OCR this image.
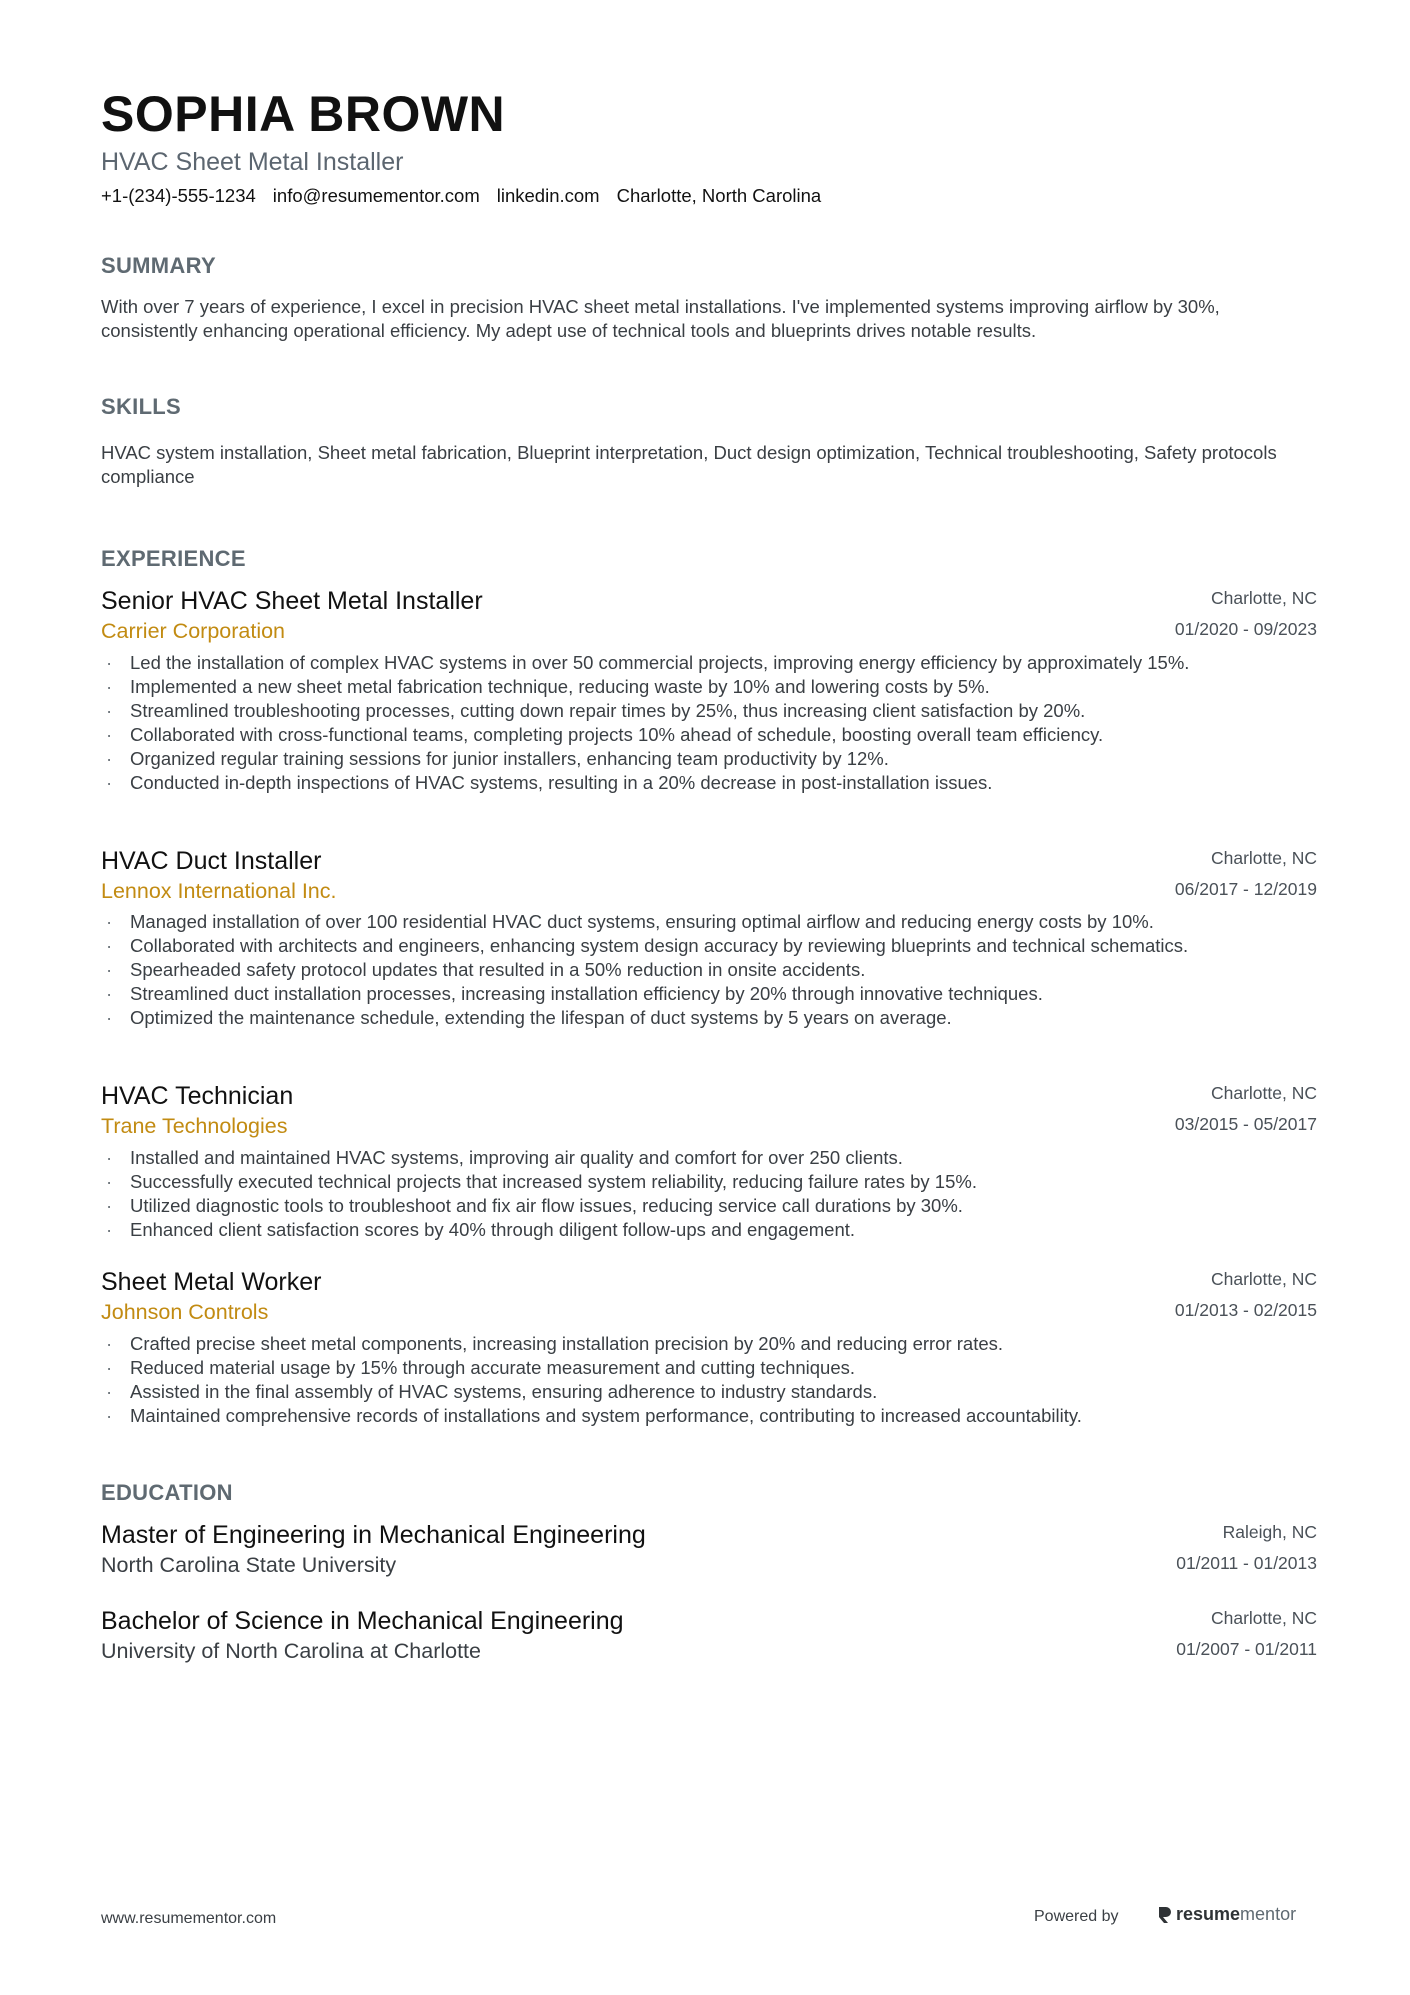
SOPHIA BROWN
HVAC Sheet Metal Installer
+1-(234)-555-1234 info@resumementor.com linkedin.com Charlotte, North Carolina
SUMMARY
With over 7 years of experience, I excel in precision HVAC sheet metal installations. I've implemented systems improving airflow by 30%, consistently enhancing operational efficiency. My adept use of technical tools and blueprints drives notable results.
SKILLS
HVAC system installation, Sheet metal fabrication, Blueprint interpretation, Duct design optimization, Technical troubleshooting, Safety protocols compliance
EXPERIENCE
Senior HVAC Sheet Metal Installer	Charlotte, NC
Carrier Corporation	01/2020 - 09/2023
· Led the installation of complex HVAC systems in over 50 commercial projects, improving energy efficiency by approximately 15%.
· Implemented a new sheet metal fabrication technique, reducing waste by 10% and lowering costs by 5%.
· Streamlined troubleshooting processes, cutting down repair times by 25%, thus increasing client satisfaction by 20%.
· Collaborated with cross-functional teams, completing projects 10% ahead of schedule, boosting overall team efficiency.
· Organized regular training sessions for junior installers, enhancing team productivity by 12%.
· Conducted in-depth inspections of HVAC systems, resulting in a 20% decrease in post-installation issues.
HVAC Duct Installer	Charlotte, NC
Lennox International Inc.	06/2017 - 12/2019
· Managed installation of over 100 residential HVAC duct systems, ensuring optimal airflow and reducing energy costs by 10%.
· Collaborated with architects and engineers, enhancing system design accuracy by reviewing blueprints and technical schematics.
· Spearheaded safety protocol updates that resulted in a 50% reduction in onsite accidents.
· Streamlined duct installation processes, increasing installation efficiency by 20% through innovative techniques.
· Optimized the maintenance schedule, extending the lifespan of duct systems by 5 years on average.
HVAC Technician	Charlotte, NC
Trane Technologies	03/2015 - 05/2017
· Installed and maintained HVAC systems, improving air quality and comfort for over 250 clients.
· Successfully executed technical projects that increased system reliability, reducing failure rates by 15%.
· Utilized diagnostic tools to troubleshoot and fix air flow issues, reducing service call durations by 30%.
· Enhanced client satisfaction scores by 40% through diligent follow-ups and engagement.
Sheet Metal Worker	Charlotte, NC
Johnson Controls	01/2013 - 02/2015
· Crafted precise sheet metal components, increasing installation precision by 20% and reducing error rates.
· Reduced material usage by 15% through accurate measurement and cutting techniques.
· Assisted in the final assembly of HVAC systems, ensuring adherence to industry standards.
· Maintained comprehensive records of installations and system performance, contributing to increased accountability.
EDUCATION
Master of Engineering in Mechanical Engineering	Raleigh, NC
North Carolina State University	01/2011 - 01/2013
Bachelor of Science in Mechanical Engineering	Charlotte, NC
University of North Carolina at Charlotte	01/2007 - 01/2011
www.resumementor.com	Powered by	resume mentor
